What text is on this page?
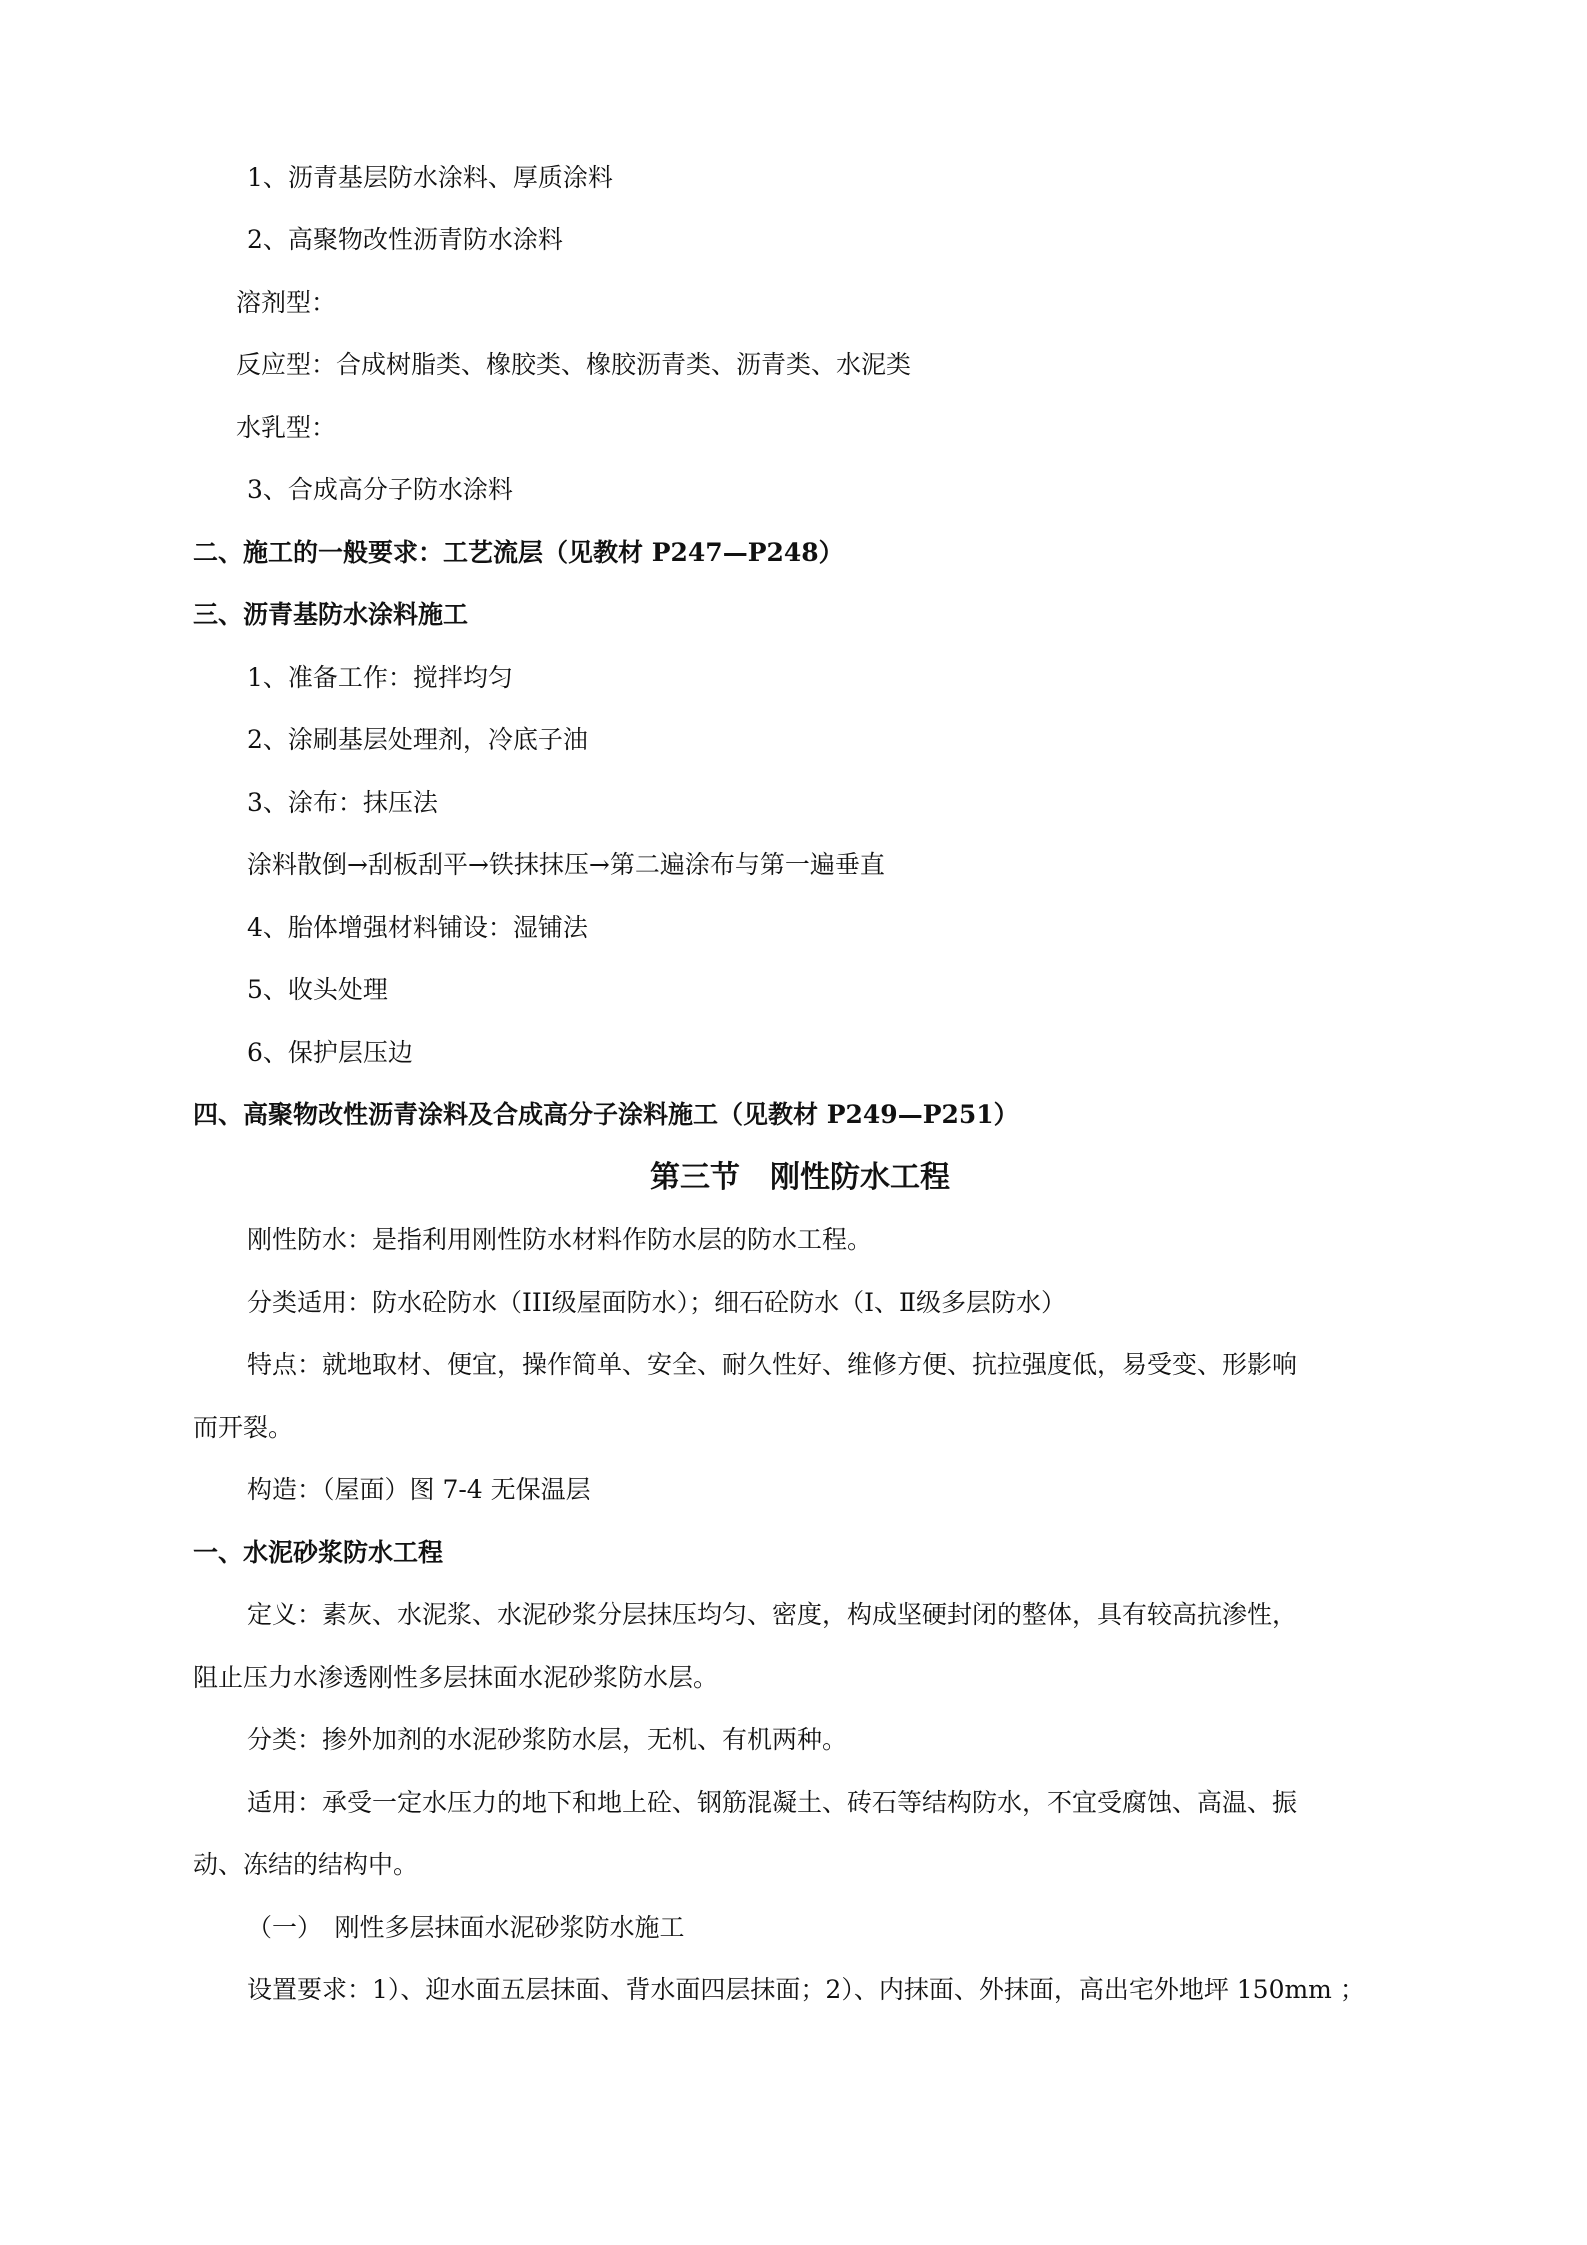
1、沥青基层防水涂料、厚质涂料
2、高聚物改性沥青防水涂料
溶剂型：
反应型：合成树脂类、橡胶类、橡胶沥青类、沥青类、水泥类
水乳型：
3、合成高分子防水涂料
二、施工的一般要求：工艺流层（见教材 P247—P248）
三、沥青基防水涂料施工
1、准备工作：搅拌均匀
2、涂刷基层处理剂，冷底子油
3、涂布：抹压法
涂料散倒→刮板刮平→铁抹抹压→第二遍涂布与第一遍垂直
4、胎体增强材料铺设：湿铺法
5、收头处理
6、保护层压边
四、高聚物改性沥青涂料及合成高分子涂料施工（见教材 P249—P251）
第三节　刚性防水工程
刚性防水：是指利用刚性防水材料作防水层的防水工程。
分类适用：防水砼防水（III级屋面防水）；细石砼防水（Ⅰ、Ⅱ级多层防水）
特点：就地取材、便宜，操作简单、安全、耐久性好、维修方便、抗拉强度低，易受变、形影响
而开裂。
构造：（屋面）图 7-4 无保温层
一、水泥砂浆防水工程
定义：素灰、水泥浆、水泥砂浆分层抹压均匀、密度，构成坚硬封闭的整体，具有较高抗渗性，
阻止压力水渗透刚性多层抹面水泥砂浆防水层。
分类：掺外加剂的水泥砂浆防水层，无机、有机两种。
适用：承受一定水压力的地下和地上砼、钢筋混凝土、砖石等结构防水，不宜受腐蚀、高温、振
动、冻结的结构中。
（一）　刚性多层抹面水泥砂浆防水施工
设置要求：1）、迎水面五层抹面、背水面四层抹面；2）、内抹面、外抹面，高出宅外地坪 150mm ；
